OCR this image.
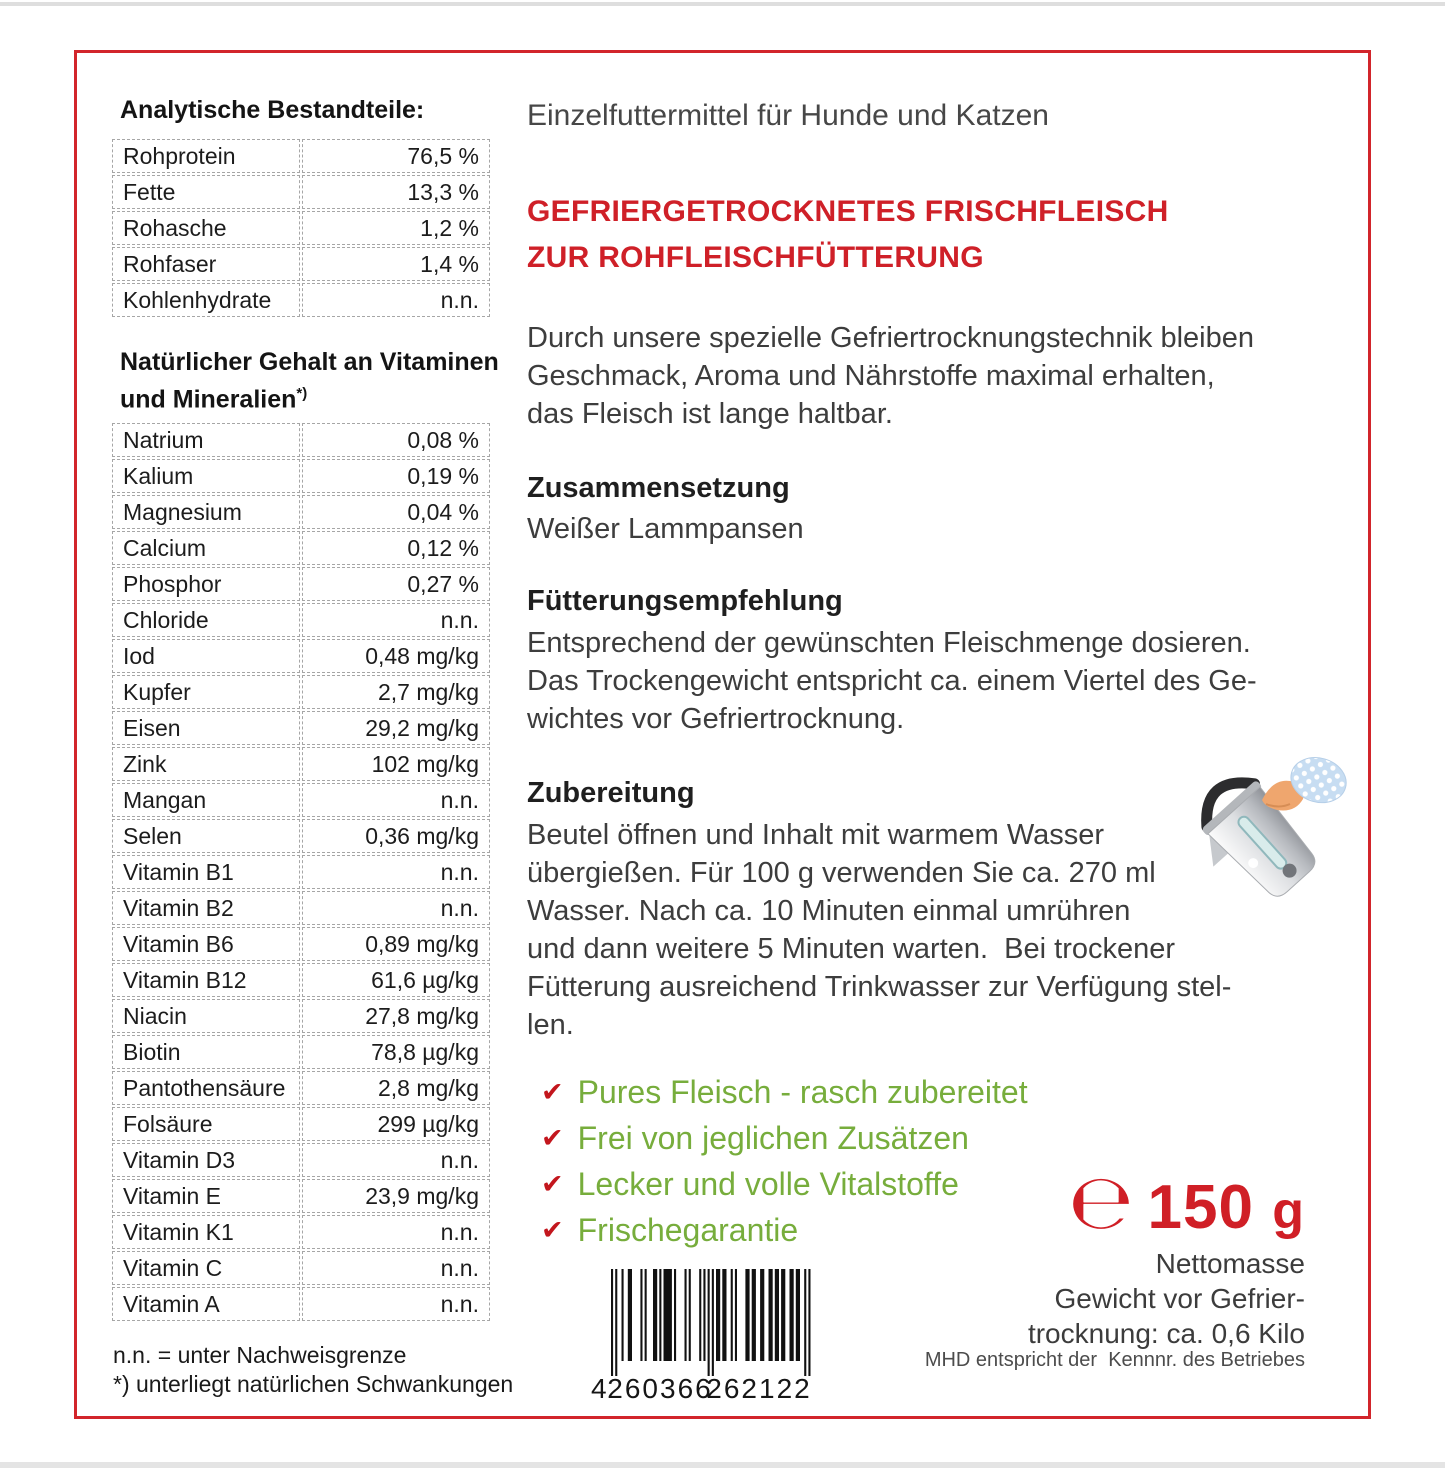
Analytische Bestandteile:
Rohprotein	76,5 %
Fette	13,3 %
Rohasche	1,2 %
Rohfaser	1,4 %
Kohlenhydrate	n.n.
Natürlicher Gehalt an Vitaminen
und Mineralien*)
Natrium	0,08 %
Kalium	0,19 %
Magnesium	0,04 %
Calcium	0,12 %
Phosphor	0,27 %
Chloride	n.n.
Iod	0,48 mg/kg
Kupfer	2,7 mg/kg
Eisen	29,2 mg/kg
Zink	102 mg/kg
Mangan	n.n.
Selen	0,36 mg/kg
Vitamin B1	n.n.
Vitamin B2	n.n.
Vitamin B6	0,89 mg/kg
Vitamin B12	61,6 µg/kg
Niacin	27,8 mg/kg
Biotin	78,8 µg/kg
Pantothensäure	2,8 mg/kg
Folsäure	299 µg/kg
Vitamin D3	n.n.
Vitamin E	23,9 mg/kg
Vitamin K1	n.n.
Vitamin C	n.n.
Vitamin A	n.n.
n.n. = unter Nachweisgrenze
*) unterliegt natürlichen Schwankungen
Einzelfuttermittel für Hunde und Katzen
GEFRIERGETROCKNETES FRISCHFLEISCH
ZUR ROHFLEISCHFÜTTERUNG
Durch unsere spezielle Gefriertrocknungstechnik bleiben
Geschmack, Aroma und Nährstoffe maximal erhalten,
das Fleisch ist lange haltbar.
Zusammensetzung
Weißer Lammpansen
Fütterungsempfehlung
Entsprechend der gewünschten Fleischmenge dosieren.
Das Trockengewicht entspricht ca. einem Viertel des Ge-
wichtes vor Gefriertrocknung.
Zubereitung
Beutel öffnen und Inhalt mit warmem Wasser
übergießen. Für 100 g verwenden Sie ca. 270 ml
Wasser. Nach ca. 10 Minuten einmal umrühren
und dann weitere 5 Minuten warten.  Bei trockener
Fütterung ausreichend Trinkwasser zur Verfügung stel-
len.
✔ Pures Fleisch - rasch zubereitet
✔ Frei von jeglichen Zusätzen
✔ Lecker und volle Vitalstoffe
✔ Frischegarantie
4
260366
262122
℮ 150 g
Nettomasse
Gewicht vor Gefrier-
trocknung: ca. 0,6 Kilo
MHD entspricht der  Kennnr. des Betriebes
